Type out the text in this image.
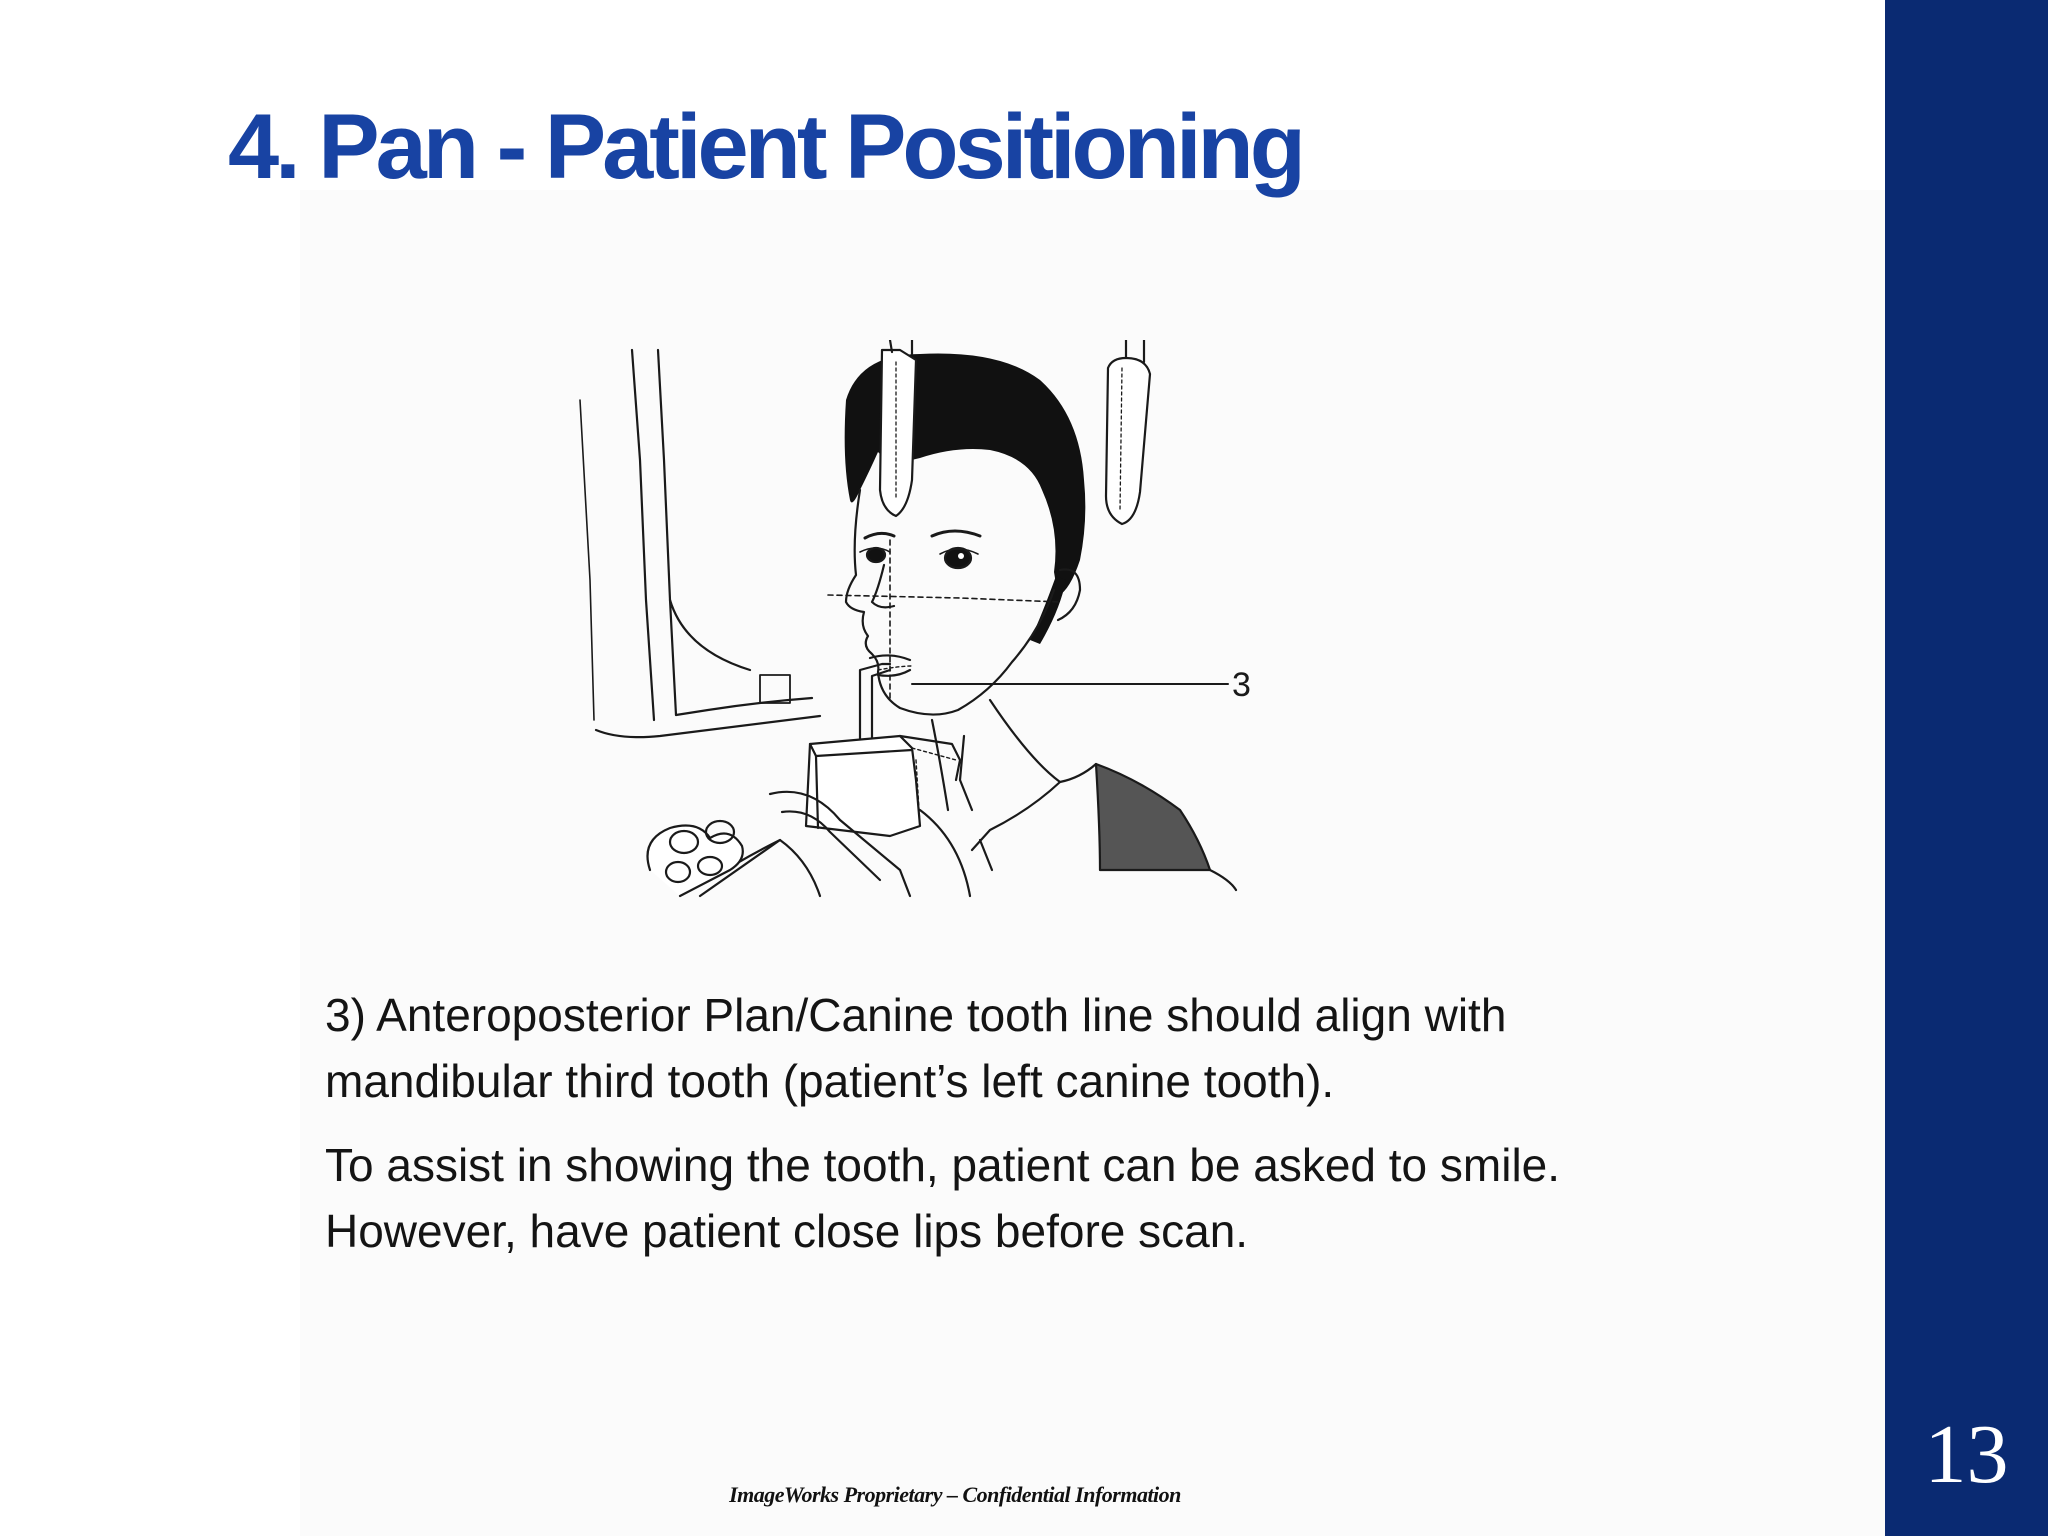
4. Pan - Patient Positioning
13
3

3) Anteroposterior Plan/Canine tooth line should align with
mandibular third tooth (patient’s left canine tooth).

To assist in showing the tooth, patient can be asked to smile.
However, have patient close lips before scan.

ImageWorks Proprietary – Confidential Information
